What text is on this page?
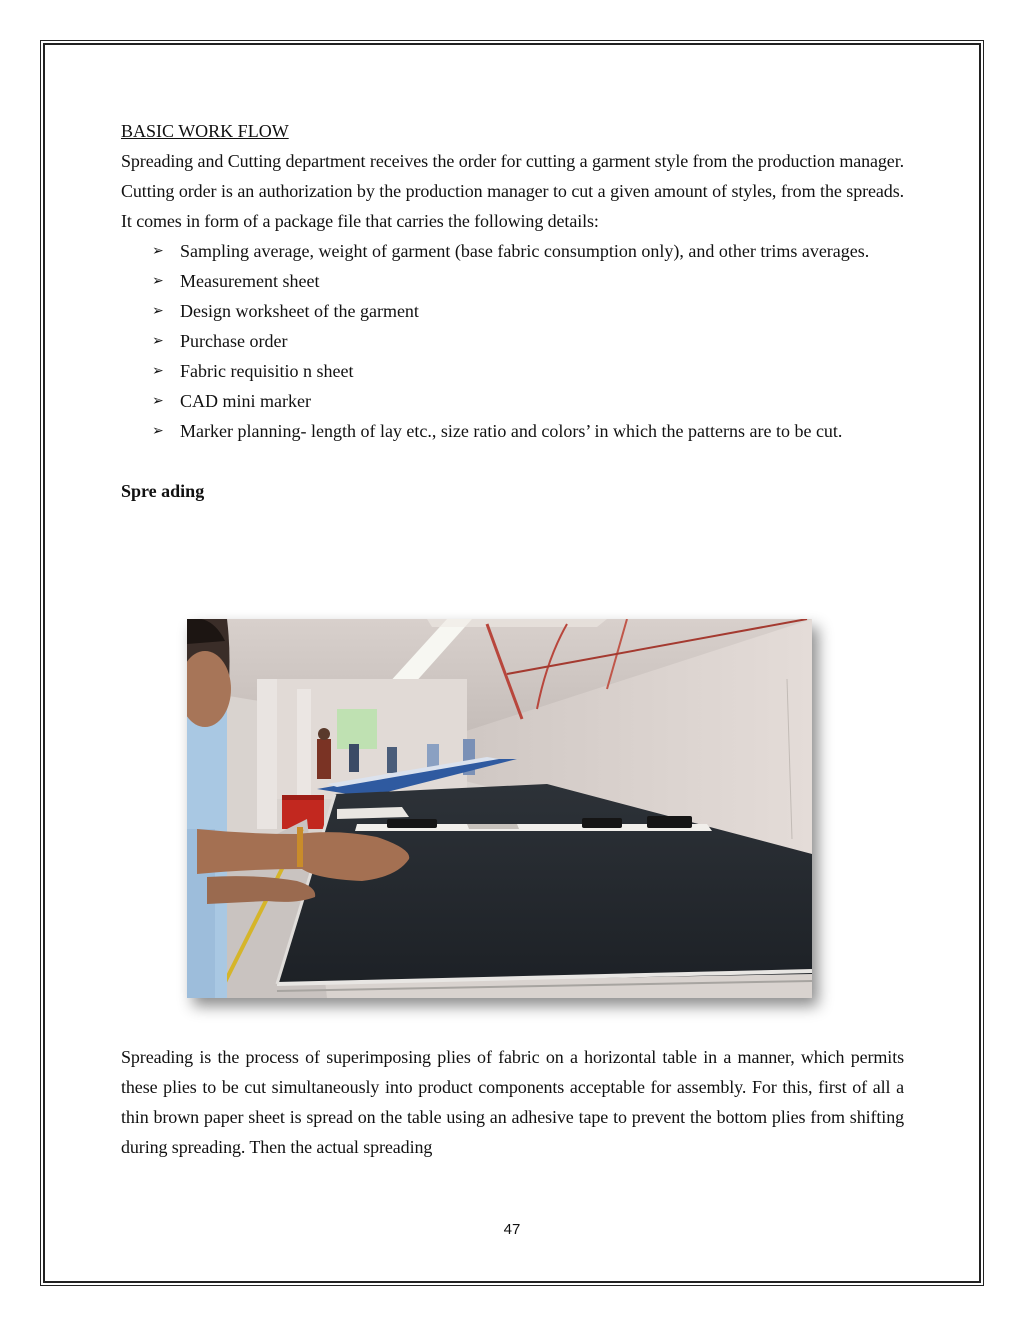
BASIC WORK FLOW

Spreading and Cutting department receives the order for cutting a garment style from the production manager. Cutting order is an authorization by the production manager to cut a given amount of styles, from the spreads. It comes in form of a package file that carries the following details:

➢ Sampling average, weight of garment (base fabric consumption only), and other trims averages.
➢ Measurement sheet
➢ Design worksheet of the garment
➢ Purchase order
➢ Fabric requisitio n sheet
➢ CAD mini marker
➢ Marker planning- length of lay etc., size ratio and colors’ in which the patterns are to be cut.

Spre ading

Spreading is the process of superimposing plies of fabric on a horizontal table in a manner, which permits these plies to be cut simultaneously into product components acceptable for assembly. For this, first of all a thin brown paper sheet is spread on the table using an adhesive tape to prevent the bottom plies from shifting during spreading. Then the actual spreading

47
